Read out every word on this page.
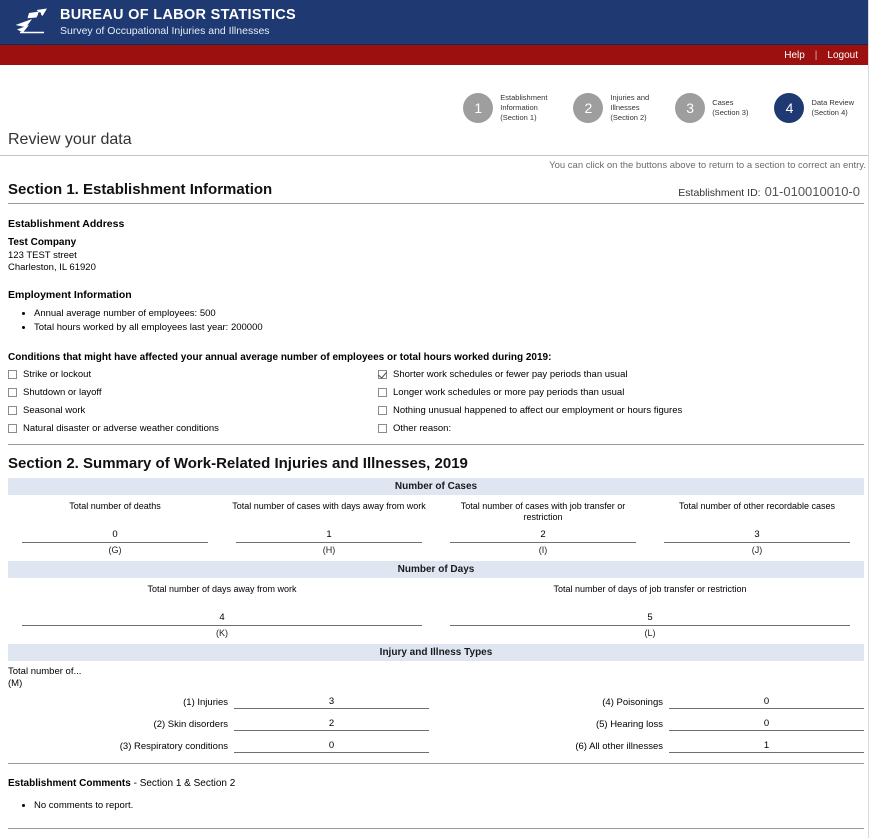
BUREAU OF LABOR STATISTICS
Survey of Occupational Injuries and Illnesses
Help | Logout
1
Establishment
Information
(Section 1)
2
Injuries and
Illnesses
(Section 2)
3	Cases
(Section 3)	4	Data Review
(Section 4)
Review your data
You can click on the buttons above to return to a section to correct an entry.
Section 1. Establishment Information	Establishment ID: 01-010010010-0
Establishment Address
Test Company
123 TEST street
Charleston, IL 61920
Employment Information
• Annual average number of employees: 500
• Total hours worked by all employees last year: 200000
Conditions that might have affected your annual average number of employees or total hours worked during 2019:
Strike or lockout	Shorter work schedules or fewer pay periods than usual
Shutdown or layoff	Longer work schedules or more pay periods than usual
Seasonal work	Nothing unusual happened to affect our employment or hours figures
Natural disaster or adverse weather conditions	Other reason:
Section 2. Summary of Work-Related Injuries and Illnesses, 2019
Number of Cases
Total number of deaths
0
(G)
Total number of cases with days away from work
1
(H)
Total number of cases with job transfer or restriction
2
(I)
Total number of other recordable cases
3
(J)
Number of Days
Total number of days away from work
4
(K)
Total number of days of job transfer or restriction
5
(L)
Injury and Illness Types
Total number of...
(M)
(1) Injuries	3	(4) Poisonings	0
(2) Skin disorders	2	(5) Hearing loss	0
(3) Respiratory conditions	0	(6) All other illnesses	1
Establishment Comments - Section 1 & Section 2
• No comments to report.
